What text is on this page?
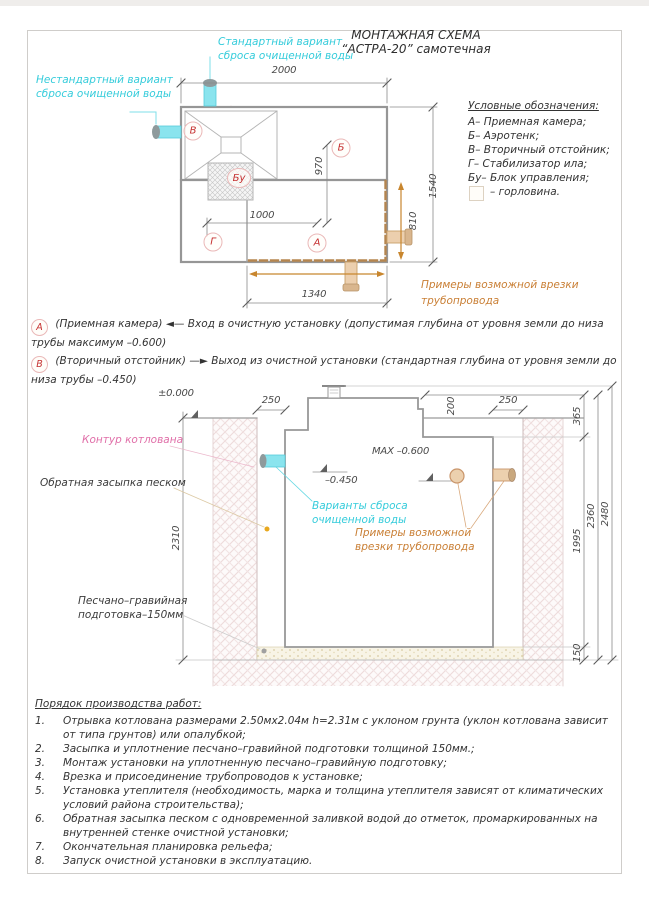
МОНТАЖНАЯ СХЕМА
“АСТРА-20” самотечная
Стандартный вариант
сброса очищенной воды
Нестандартный вариант
сброса очищенной воды
Условные обозначения:
А– Приемная камера;
Б– Аэротенк;
В– Вторичный отстойник;
Г– Стабилизатор ила;
Бу– Блок управления;
– горловина.
2000
1540
970
810
1000
1340
Примеры возможной врезки
трубопровода
В
Б
Бу
Г	А
А (Приемная камера) ◄— Вход в очистную установку (допустимая глубина от уровня земли до низа трубы максимум –0.600)
В (Вторичный отстойник) —► Выход из очистной установки (стандартная глубина от уровня земли до низа трубы –0.450)
±0.000
250	200	250
365
MAX –0.600
–0.450
2310	1995
2360 2480
150
Контур котлована
Обратная засыпка песком
Варианты сброса
очищенной воды
Примеры возможной
врезки трубопровода
Песчано–гравийная
подготовка–150мм
Порядок производства работ:
1.	Отрывка котлована размерами 2.50мх2.04м h=2.31м с уклоном грунта (уклон котлована зависит от типа грунтов) или опалубкой;
2.	Засыпка и уплотнение песчано–гравийной подготовки толщиной 150мм.;
3.	Монтаж установки на уплотненную песчано–гравийную подготовку;
4.	Врезка и присоединение трубопроводов к установке;
5.	Установка утеплителя (необходимость, марка и толщина утеплителя зависят от климатических условий района строительства);
6.	Обратная засыпка песком с одновременной заливкой водой до отметок, промаркированных на внутренней стенке очистной установки;
7.	Окончательная планировка рельефа;
8.	Запуск очистной установки в эксплуатацию.
